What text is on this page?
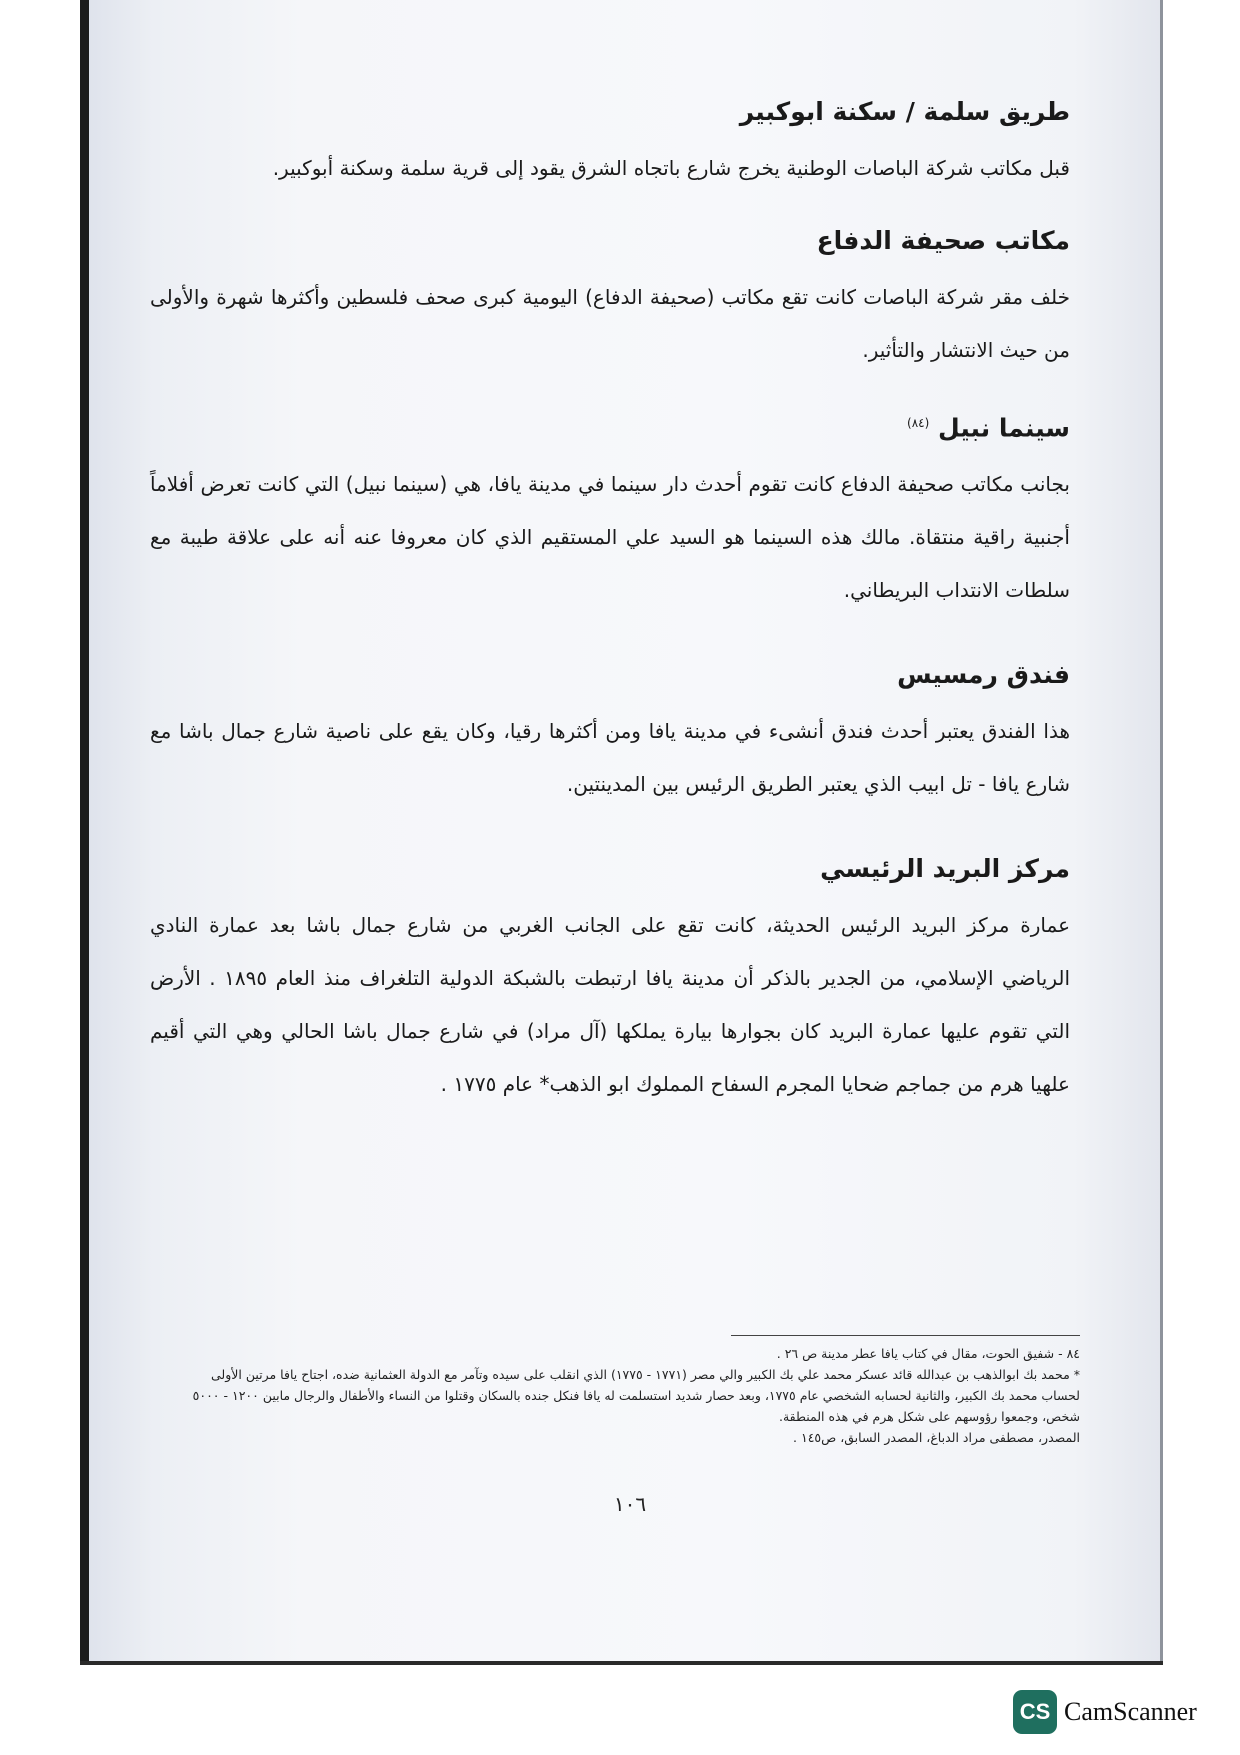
طريق سلمة / سكنة ابوكبير

قبل مكاتب شركة الباصات الوطنية يخرج شارع باتجاه الشرق يقود إلى قرية سلمة وسكنة أبوكبير.

مكاتب صحيفة الدفاع

خلف مقر شركة الباصات كانت تقع مكاتب (صحيفة الدفاع) اليومية كبرى صحف فلسطين وأكثرها شهرة والأولى من حيث الانتشار والتأثير.

سينما نبيل $^{(٨٤)}$

بجانب مكاتب صحيفة الدفاع كانت تقوم أحدث دار سينما في مدينة يافا، هي (سينما نبيل) التي كانت تعرض أفلاماً أجنبية راقية منتقاة. مالك هذه السينما هو السيد علي المستقيم الذي كان معروفا عنه أنه على علاقة طيبة مع سلطات الانتداب البريطاني.

فندق رمسيس

هذا الفندق يعتبر أحدث فندق أنشىء في مدينة يافا ومن أكثرها رقيا، وكان يقع على ناصية شارع جمال باشا مع شارع يافا - تل ابيب الذي يعتبر الطريق الرئيس بين المدينتين.

مركز البريد الرئيسي

عمارة مركز البريد الرئيس الحديثة، كانت تقع على الجانب الغربي من شارع جمال باشا بعد عمارة النادي الرياضي الإسلامي، من الجدير بالذكر أن مدينة يافا ارتبطت بالشبكة الدولية التلغراف منذ العام ١٨٩٥ . الأرض التي تقوم عليها عمارة البريد كان بجوارها بيارة يملكها (آل مراد) في شارع جمال باشا الحالي وهي التي أقيم علهيا هرم من جماجم ضحايا المجرم السفاح المملوك ابو الذهب* عام ١٧٧٥ .

٨٤ - شفيق الحوت، مقال في كتاب يافا عطر مدينة ص ٢٦ .

* محمد بك ابوالذهب بن عبدالله قائد عسكر محمد علي بك الكبير والي مصر (١٧٧١ - ١٧٧٥) الذي انقلب على سيده وتآمر مع الدولة العثمانية ضده، اجتاح يافا مرتين الأولى لحساب محمد بك الكبير، والثانية لحسابه الشخصي عام ١٧٧٥، وبعد حصار شديد استسلمت له يافا فنكل جنده بالسكان وقتلوا من النساء والأطفال والرجال مابين ١٢٠٠ - ٥٠٠٠ شخص، وجمعوا رؤوسهم على شكل هرم في هذه المنطقة.

المصدر، مصطفى مراد الدباغ، المصدر السابق، ص١٤٥ .

١٠٦
CS CamScanner
